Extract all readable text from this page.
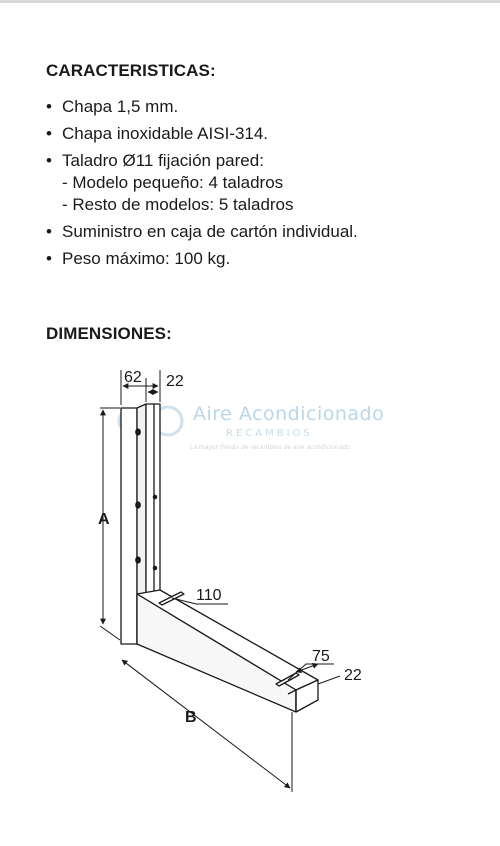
CARACTERISTICAS:
• Chapa 1,5 mm.
• Chapa inoxidable AISI-314.
• Taladro Ø11 fijación pared:
- Modelo pequeño: 4 taladros
- Resto de modelos: 5 taladros
• Suministro en caja de cartón individual.
• Peso máximo: 100 kg.
DIMENSIONES:
Aire Acondicionado
RECAMBIOS
La mayor tienda de recambios de aire acondicionado
62 22
A
110
75
22
B
